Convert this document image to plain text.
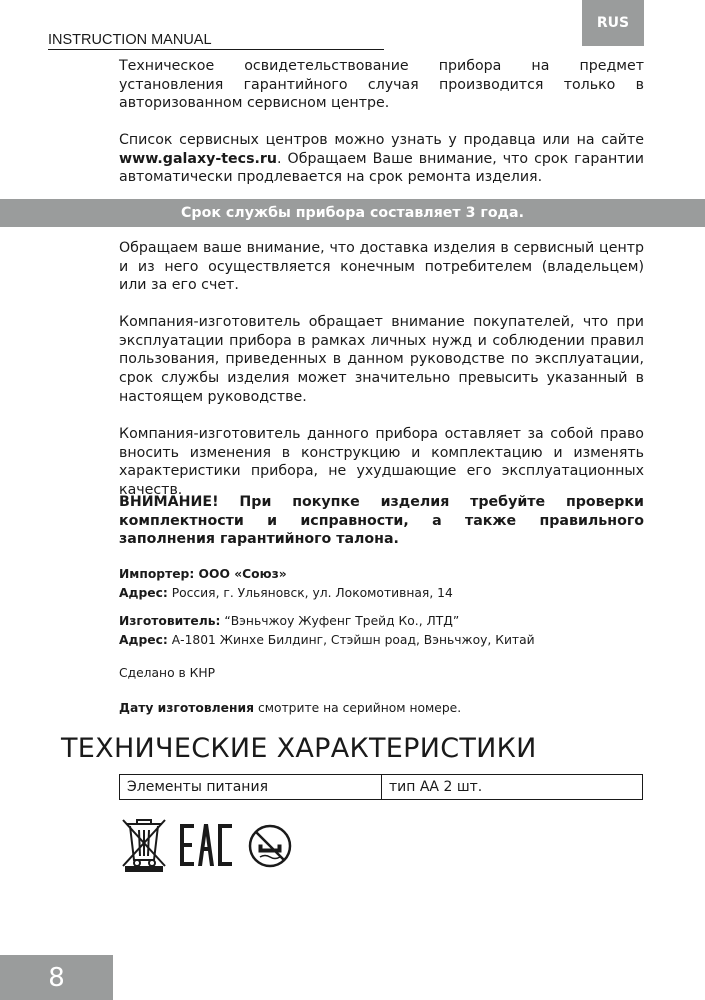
INSTRUCTION MANUAL
RUS

Техническое освидетельствование прибора на предмет установления гарантийного случая производится только в авторизованном сервисном центре.

Список сервисных центров можно узнать у продавца или на сайте www.galaxy-tecs.ru. Обращаем Ваше внимание, что срок гарантии автоматически продлевается на срок ремонта изделия.

Срок службы прибора составляет 3 года.

Обращаем ваше внимание, что доставка изделия в сервисный центр и из него осуществляется конечным потребителем (владельцем) или за его счет.

Компания-изготовитель обращает внимание покупателей, что при эксплуатации прибора в рамках личных нужд и соблюдении правил пользования, приведенных в данном руководстве по эксплуатации, срок службы изделия может значительно превысить указанный в настоящем руководстве.

Компания-изготовитель данного прибора оставляет за собой право вносить изменения в конструкцию и комплектацию и изменять характеристики прибора, не ухудшающие его эксплуатационных качеств.

ВНИМАНИЕ! При покупке изделия требуйте проверки комплектности и исправности, а также правильного заполнения гарантийного талона.

Импортер: ООО «Союз»

Адрес: Россия, г. Ульяновск, ул. Локомотивная, 14

Изготовитель: “Вэньчжоу Жуфенг Трейд Ко., ЛТД”

Адрес: А-1801 Жинхе Билдинг, Стэйшн роад, Вэньчжоу, Китай

Сделано в КНР

Дату изготовления смотрите на серийном номере.

ТЕХНИЧЕСКИЕ ХАРАКТЕРИСТИКИ
Элементы питания	тип АА 2 шт.
8
